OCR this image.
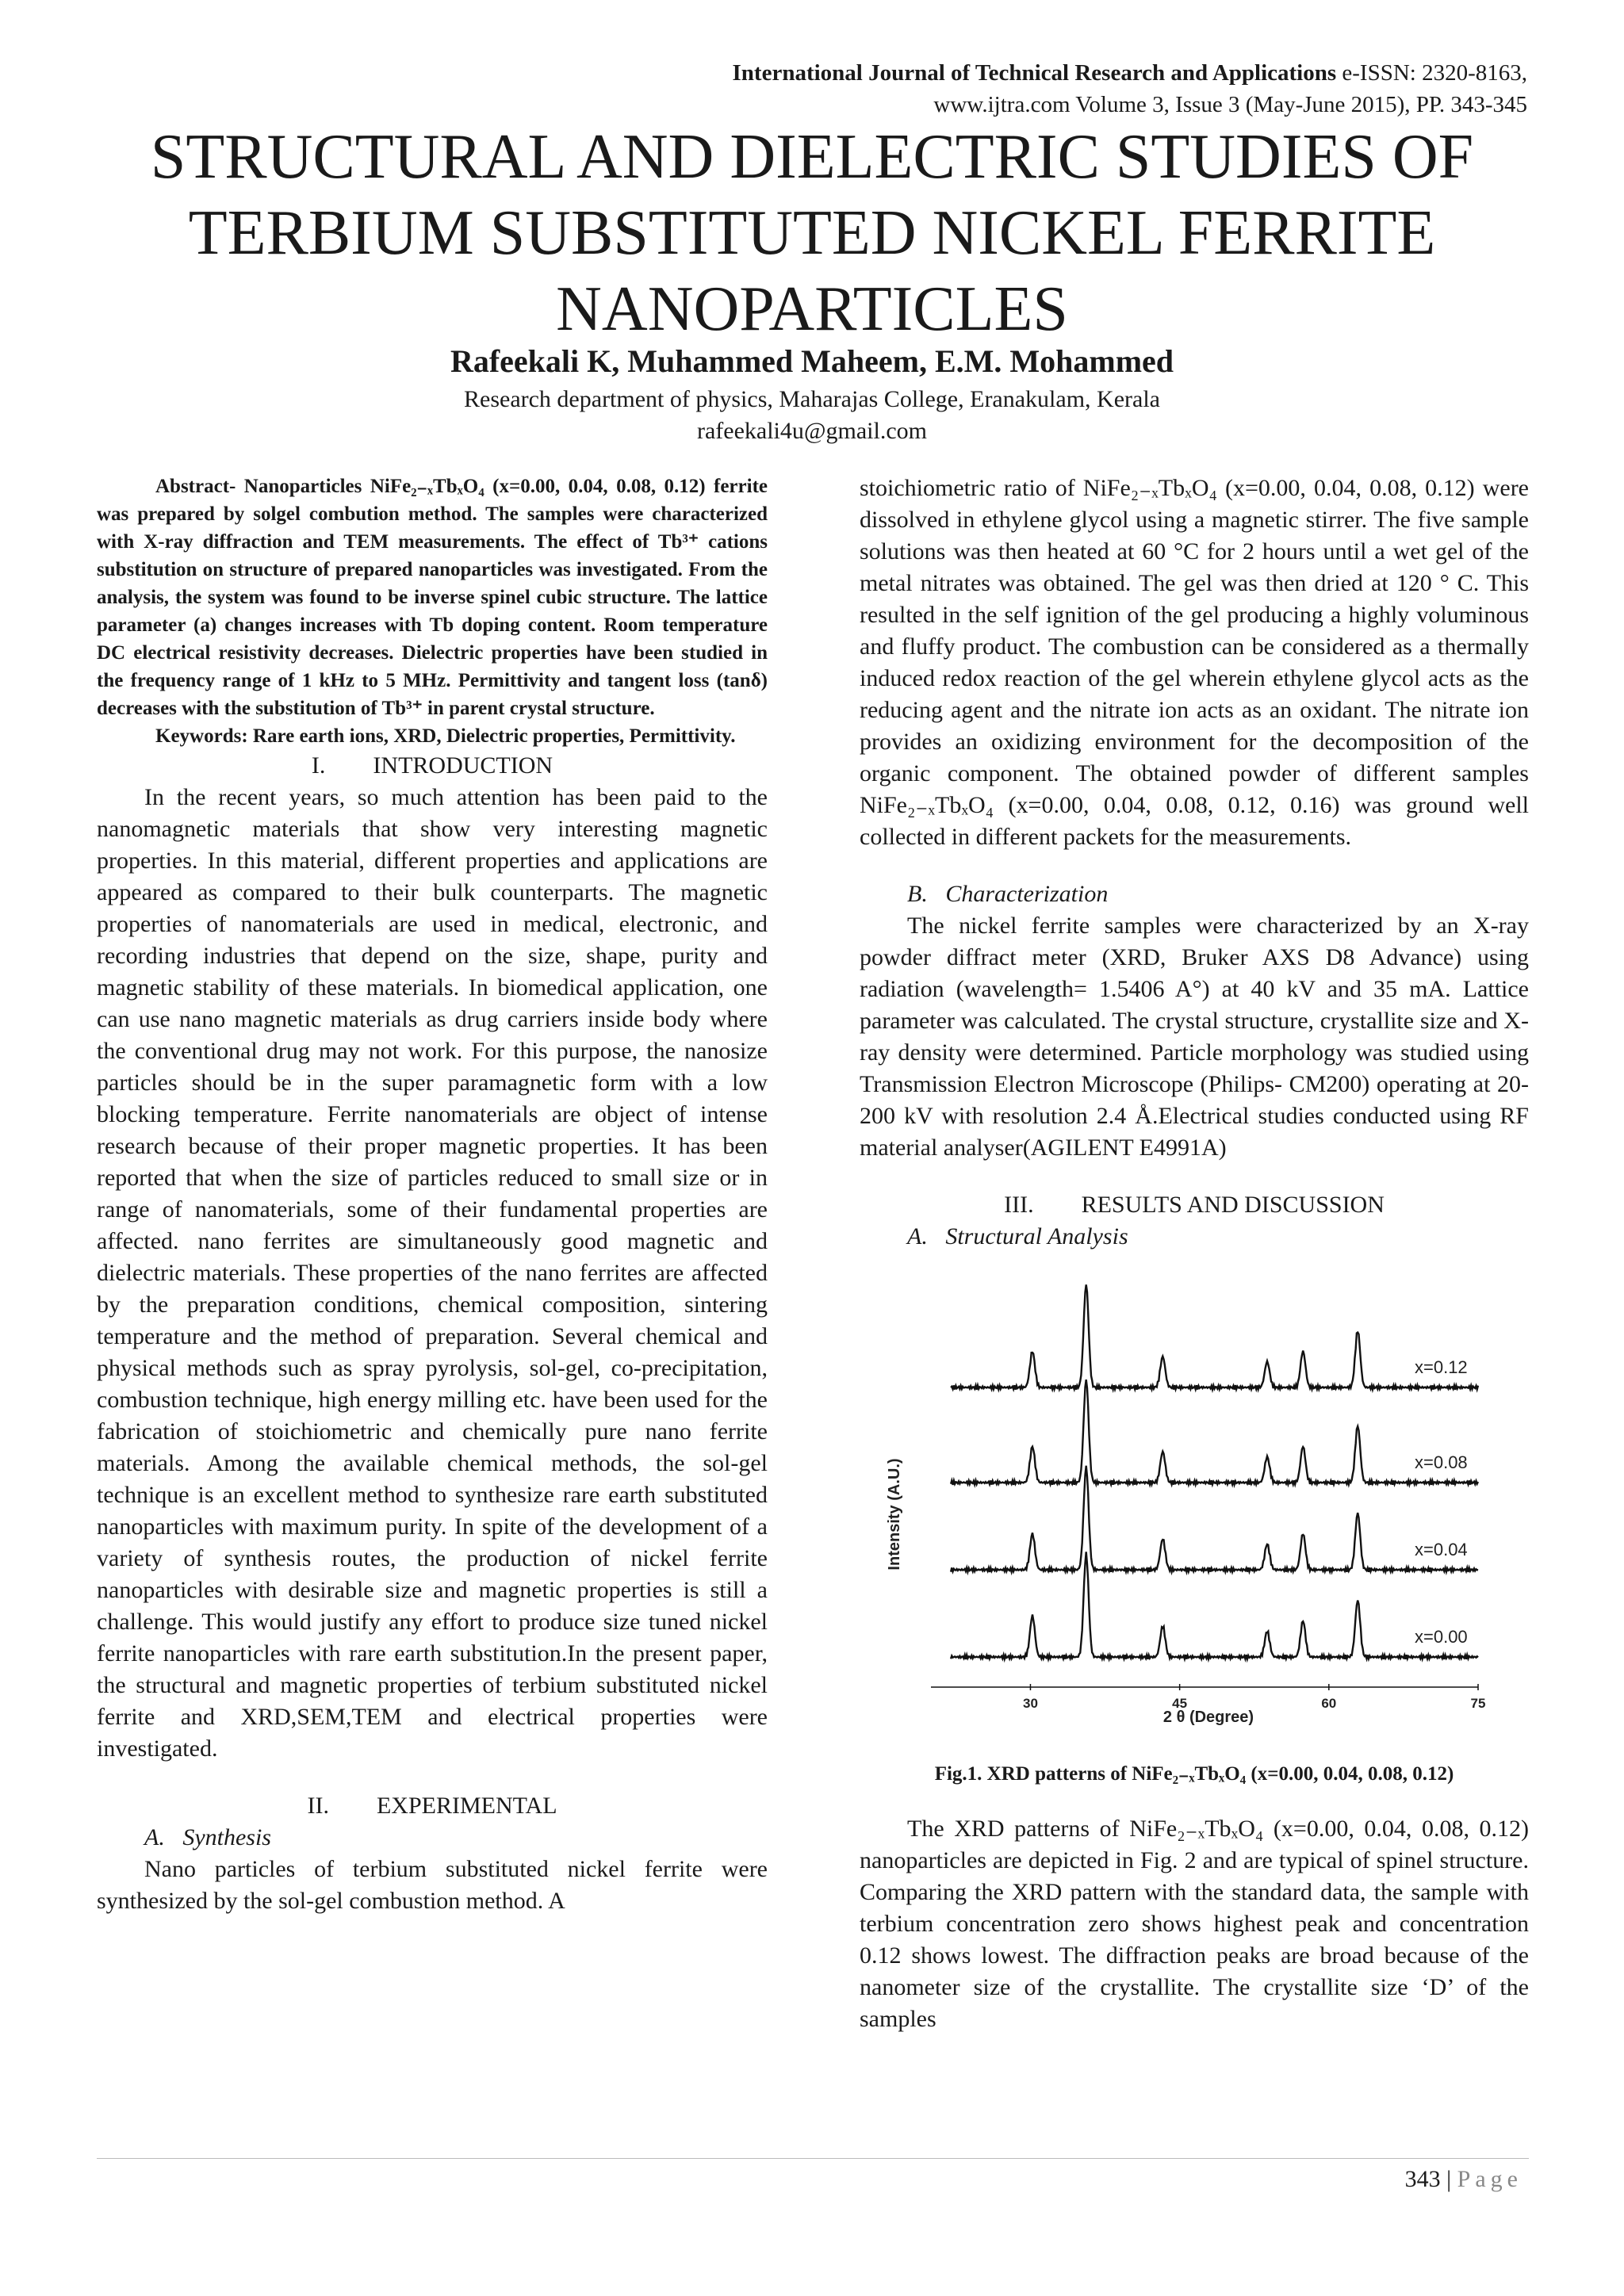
International Journal of Technical Research and Applications e-ISSN: 2320-8163,
www.ijtra.com Volume 3, Issue 3 (May-June 2015), PP. 343-345
STRUCTURAL AND DIELECTRIC STUDIES OF
TERBIUM SUBSTITUTED NICKEL FERRITE
NANOPARTICLES
Rafeekali K, Muhammed Maheem, E.M. Mohammed
Research department of physics, Maharajas College, Eranakulam, Kerala
rafeekali4u@gmail.com

Abstract- Nanoparticles NiFe₂₋ₓTbₓO₄ (x=0.00, 0.04, 0.08, 0.12) ferrite was prepared by solgel combution method. The samples were characterized with X-ray diffraction and TEM measurements. The effect of Tb³⁺ cations substitution on structure of prepared nanoparticles was investigated. From the analysis, the system was found to be inverse spinel cubic structure. The lattice parameter (a) changes increases with Tb doping content. Room temperature DC electrical resistivity decreases. Dielectric properties have been studied in the frequency range of 1 kHz to 5 MHz. Permittivity and tangent loss (tanδ) decreases with the substitution of Tb³⁺ in parent crystal structure.

Keywords: Rare earth ions, XRD, Dielectric properties, Permittivity.

I.        INTRODUCTION

In the recent years, so much attention has been paid to the nanomagnetic materials that show very interesting magnetic properties. In this material, different properties and applications are appeared as compared to their bulk counterparts. The magnetic properties of nanomaterials are used in medical, electronic, and recording industries that depend on the size, shape, purity and magnetic stability of these materials. In biomedical application, one can use nano magnetic materials as drug carriers inside body where the conventional drug may not work. For this purpose, the nanosize particles should be in the super paramagnetic form with a low blocking temperature. Ferrite nanomaterials are object of intense research because of their proper magnetic properties. It has been reported that when the size of particles reduced to small size or in range of nanomaterials, some of their fundamental properties are affected. nano ferrites are simultaneously good magnetic and dielectric materials. These properties of the nano ferrites are affected by the preparation conditions, chemical composition, sintering temperature and the method of preparation. Several chemical and physical methods such as spray pyrolysis, sol-gel, co-precipitation, combustion technique, high energy milling etc. have been used for the fabrication of stoichiometric and chemically pure nano ferrite materials. Among the available chemical methods, the sol-gel technique is an excellent method to synthesize rare earth substituted nanoparticles with maximum purity. In spite of the development of a variety of synthesis routes, the production of nickel ferrite nanoparticles with desirable size and magnetic properties is still a challenge. This would justify any effort to produce size tuned nickel ferrite nanoparticles with rare earth substitution.In the present paper, the structural and magnetic properties of terbium substituted nickel ferrite and XRD,SEM,TEM and electrical properties were investigated.

II.        EXPERIMENTAL

A.   Synthesis

Nano particles of terbium substituted nickel ferrite were synthesized by the sol-gel combustion method. A

stoichiometric ratio of NiFe₂₋ₓTbₓO₄ (x=0.00, 0.04, 0.08, 0.12) were dissolved in ethylene glycol using a magnetic stirrer. The five sample solutions was then heated at 60 °C for 2 hours until a wet gel of the metal nitrates was obtained. The gel was then dried at 120 ° C. This resulted in the self ignition of the gel producing a highly voluminous and fluffy product. The combustion can be considered as a thermally induced redox reaction of the gel wherein ethylene glycol acts as the reducing agent and the nitrate ion acts as an oxidant. The nitrate ion provides an oxidizing environment for the decomposition of the organic component. The obtained powder of different samples NiFe₂₋ₓTbₓO₄ (x=0.00, 0.04, 0.08, 0.12, 0.16) was ground well collected in different packets for the measurements.

B.   Characterization

The nickel ferrite samples were characterized by an X-ray powder diffract meter (XRD, Bruker AXS D8 Advance) using radiation (wavelength= 1.5406 A°) at 40 kV and 35 mA. Lattice parameter was calculated. The crystal structure, crystallite size and X-ray density were determined. Particle morphology was studied using Transmission Electron Microscope (Philips- CM200) operating at 20-200 kV with resolution 2.4 Å.Electrical studies conducted using RF material analyser(AGILENT E4991A)

III.        RESULTS AND DISCUSSION

A.   Structural Analysis

x=0.12
x=0.08
x=0.04
x=0.00
30	45	60	75
Intensity (A.U.)
2 θ (Degree)

Fig.1. XRD patterns of NiFe₂₋ₓTbₓO₄ (x=0.00, 0.04, 0.08, 0.12)

The XRD patterns of NiFe₂₋ₓTbₓO₄ (x=0.00, 0.04, 0.08, 0.12) nanoparticles are depicted in Fig. 2 and are typical of spinel structure. Comparing the XRD pattern with the standard data, the sample with terbium concentration zero shows highest peak and concentration 0.12 shows lowest. The diffraction peaks are broad because of the nanometer size of the crystallite. The crystallite size ‘D’ of the samples

343 | Page
